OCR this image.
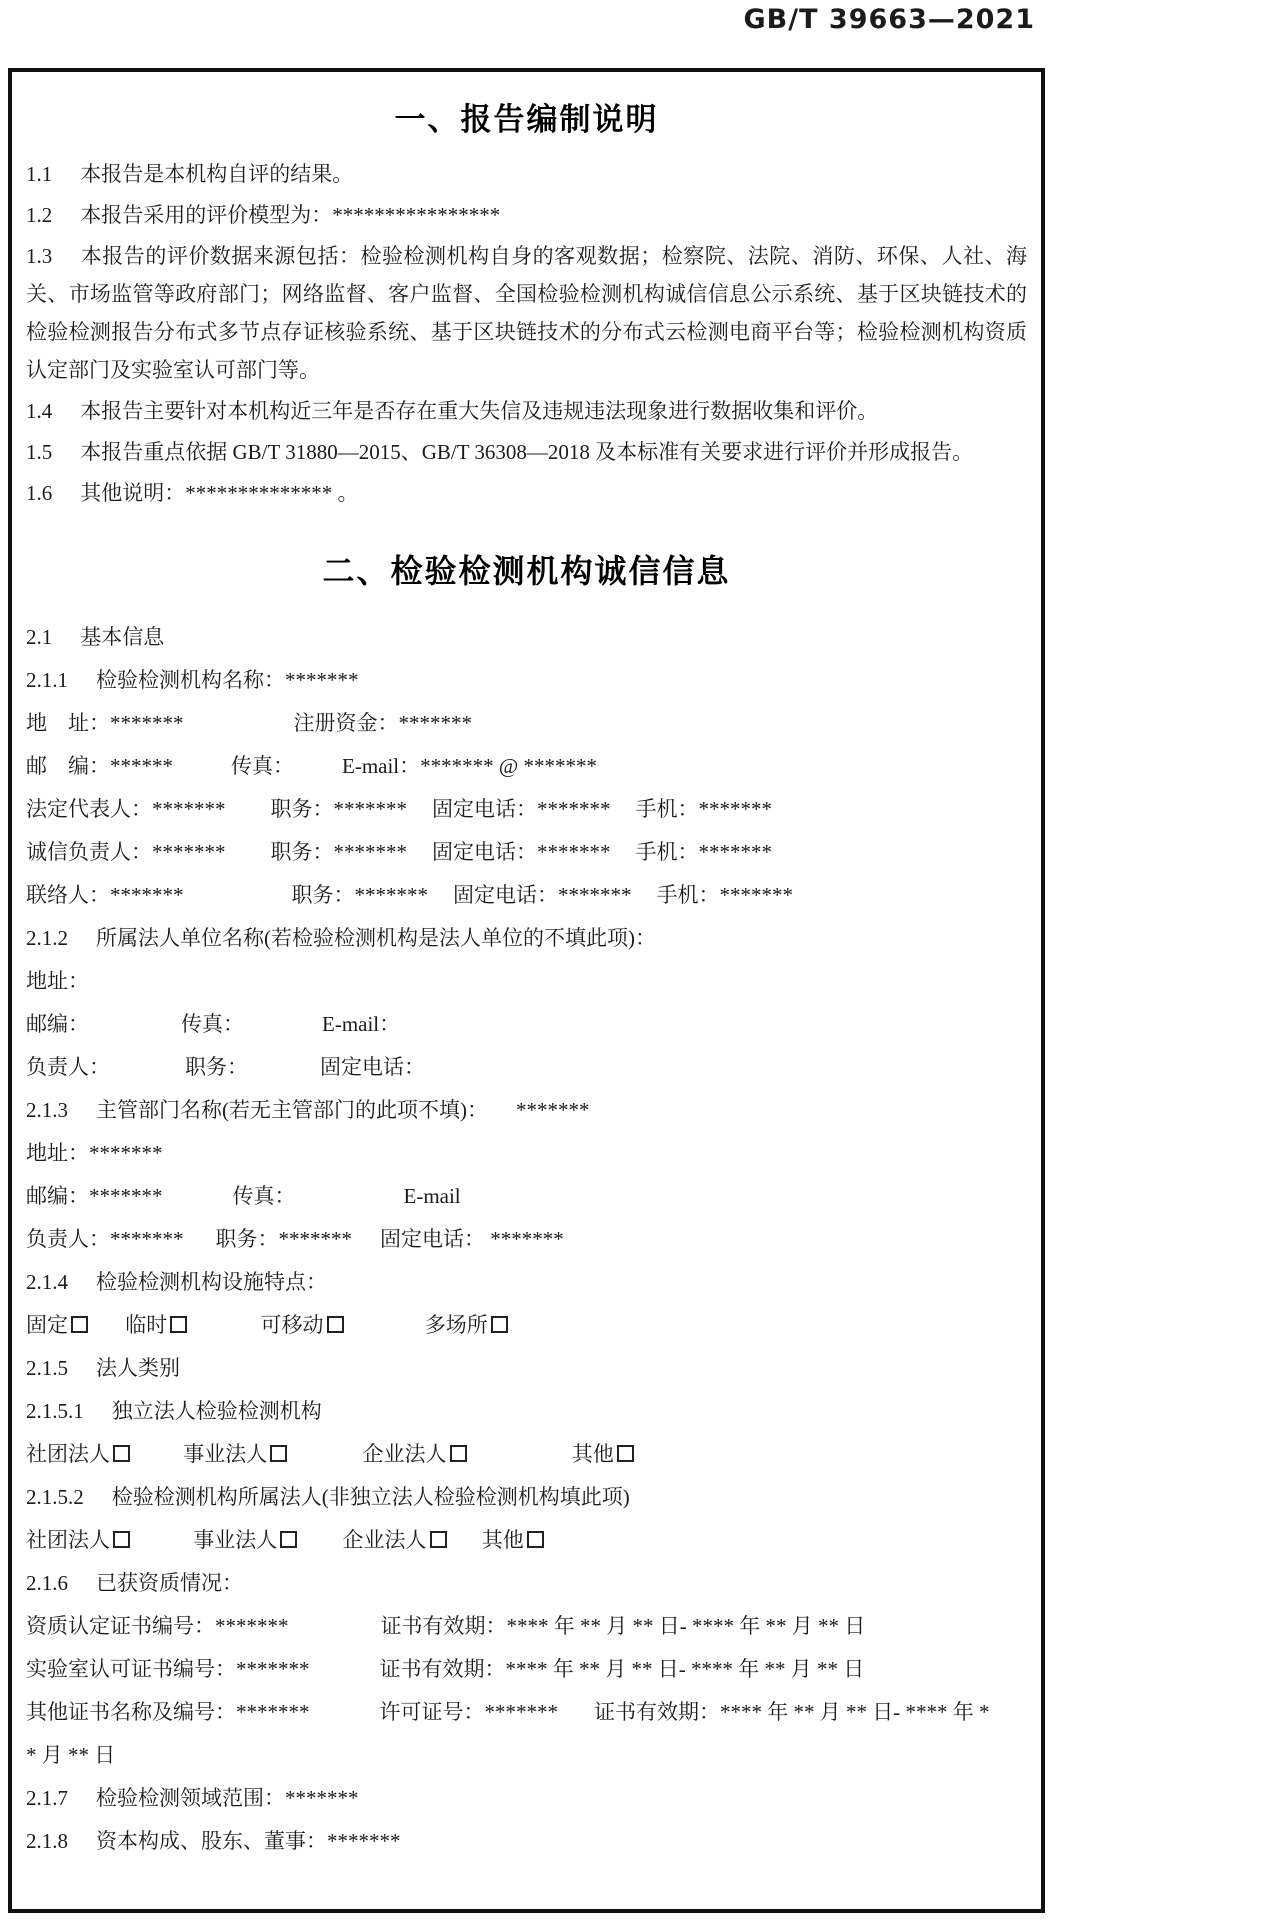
GB/T 39663—2021
一、报告编制说明

1.1 本报告是本机构自评的结果。

1.2 本报告采用的评价模型为：****************

1.3 本报告的评价数据来源包括：检验检测机构自身的客观数据；检察院、法院、消防、环保、人社、海关、市场监管等政府部门；网络监督、客户监督、全国检验检测机构诚信信息公示系统、基于区块链技术的检验检测报告分布式多节点存证核验系统、基于区块链技术的分布式云检测电商平台等；检验检测机构资质认定部门及实验室认可部门等。

1.4 本报告主要针对本机构近三年是否存在重大失信及违规违法现象进行数据收集和评价。

1.5 本报告重点依据 GB/T 31880—2015、GB/T 36308—2018 及本标准有关要求进行评价并形成报告。

1.6 其他说明：************** 。

二、检验检测机构诚信信息
2.1 基本信息
2.1.1 检验检测机构名称：*******
地　址：*******	注册资金：*******
邮　编：******	传真： E-mail：******* @ *******
法定代表人：******* 职务：******* 固定电话：******* 手机：*******
诚信负责人：******* 职务：******* 固定电话：******* 手机：*******
联络人：*******	职务：******* 固定电话：******* 手机：*******
2.1.2 所属法人单位名称(若检验检测机构是法人单位的不填此项)：
地址：
邮编：	传真：	E-mail：
负责人：	职务：	固定电话：
2.1.3 主管部门名称(若无主管部门的此项不填)： *******
地址：*******
邮编：*******	传真：	E-mail
负责人：******* 职务：******* 固定电话： *******
2.1.4 检验检测机构设施特点：
固定	临时	可移动	多场所
2.1.5 法人类别
2.1.5.1 独立法人检验检测机构
社团法人	事业法人	企业法人	其他
2.1.5.2 检验检测机构所属法人(非独立法人检验检测机构填此项)
社团法人	事业法人	企业法人	其他
2.1.6 已获资质情况：
资质认定证书编号：*******	证书有效期：**** 年 ** 月 ** 日- **** 年 ** 月 ** 日
实验室认可证书编号：*******	证书有效期：**** 年 ** 月 ** 日- **** 年 ** 月 ** 日
其他证书名称及编号：*******	许可证号：******* 证书有效期：**** 年 ** 月 ** 日- **** 年 *
* 月 ** 日
2.1.7 检验检测领域范围：*******
2.1.8 资本构成、股东、董事：*******
